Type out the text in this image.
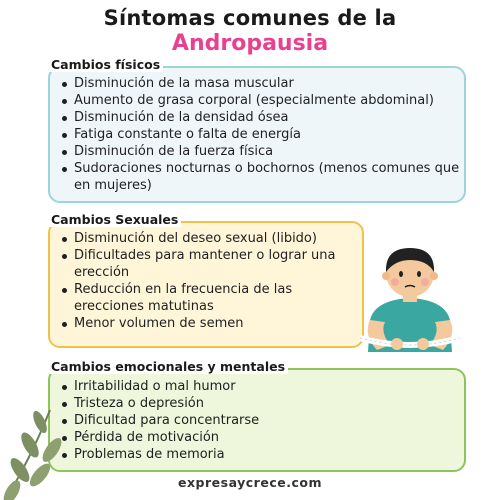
Síntomas comunes de la
Andropausia
Cambios físicos
Disminución de la masa muscular
Aumento de grasa corporal (especialmente abdominal)
Disminución de la densidad ósea
Fatiga constante o falta de energía
Disminución de la fuerza física
Sudoraciones nocturnas o bochornos (menos comunes que en mujeres)
Cambios Sexuales
Disminución del deseo sexual (libido)
Dificultades para mantener o lograr una erección
Reducción en la frecuencia de las erecciones matutinas
Menor volumen de semen
Cambios emocionales y mentales
Irritabilidad o mal humor
Tristeza o depresión
Dificultad para concentrarse
Pérdida de motivación
Problemas de memoria
expresaycrece.com
